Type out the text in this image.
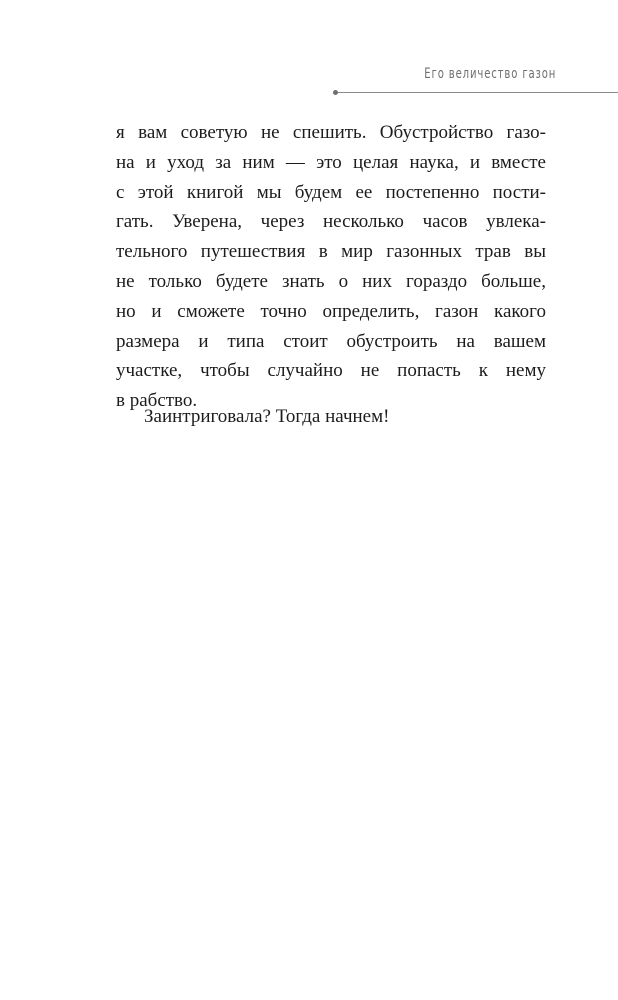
Его величество газон
я вам советую не спешить. Обустройство газо-
на и уход за ним — это целая наука, и вместе
с этой книгой мы будем ее постепенно пости-
гать. Уверена, через несколько часов увлека-
тельного путешествия в мир газонных трав вы
не только будете знать о них гораздо больше,
но и сможете точно определить, газон какого
размера и типа стоит обустроить на вашем
участке, чтобы случайно не попасть к нему
в рабство.
Заинтриговала? Тогда начнем!
